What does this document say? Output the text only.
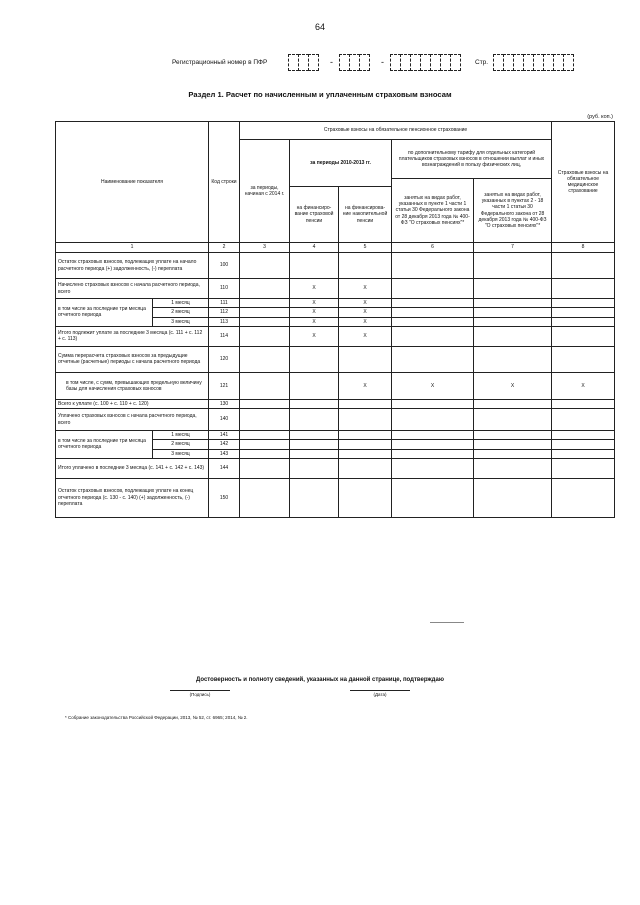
64
Регистрационный номер в ПФР	-	-	Стр.
Раздел 1. Расчет по начисленным и уплаченным страховым взносам
(руб. коп.)
Наименование показателя		Код строки	Страховые взносы на обязательное пенсионное страхование					Страховые взносы на обязательное медицинское страхование
			за периоды, начиная с 2014 г.	за периоды 2010-2013 гг.		по дополнительному тарифу для отдельных категорий плательщиков страховых взносов в отношении выплат и иных вознаграждений в пользу физических лиц,		
						занятых на видах работ, указанных в пункте 1 части 1 статьи 30 Федерального закона от 28 декабря 2013 года № 400-ФЗ "О страховых пенсиях"*	занятых на видах работ, указанных в пунктах 2 - 18 части 1 статьи 30 Федерального закона от 28 декабря 2013 года № 400-ФЗ "О страховых пенсиях"*	
				на финансиро-вание страховой пенсии	на финансирова-ние накопительной пенсии			
1		2	3	4	5	6	7	8
Остаток страховых взносов, подлежащих уплате на начало расчетного периода (+) задолженность, (-) переплата		100						
Начислено страховых взносов с начала расчетного периода, всего		110		X	X			
в том числе за последние три месяца отчетного периода	1 месяц	111		X	X			
	2 месяц	112		X	X			
	3 месяц	113		X	X			
Итого подлежит уплате за последние 3 месяца (с. 111 + с. 112 + с. 113)		114		X	X			
Сумма перерасчета страховых взносов за предыдущие отчетные (расчетные) периоды с начала расчетного периода		120						
в том числе, с сумм, превышающих предельную величину базы для начисления страховых взносов		121			X	X	X	X
Всего к уплате (с. 100 + с. 110 + с. 120)		130						
Уплачено страховых взносов с начала расчетного периода, всего		140						
в том числе за последние три месяца отчетного периода	1 месяц	141						
	2 месяц	142						
	3 месяц	143						
Итого уплачено в последние 3 месяца (с. 141 + с. 142 + с. 143)		144						
Остаток страховых взносов, подлежащих уплате на конец отчетного периода (с. 130 - с. 140) (+) задолженность, (-) переплата		150						
Достоверность и полноту сведений, указанных на данной странице, подтверждаю
(Подпись)	(Дата)
* Собрание законодательства Российской Федерации, 2013, № 52, ст. 6965; 2014, № 2.
